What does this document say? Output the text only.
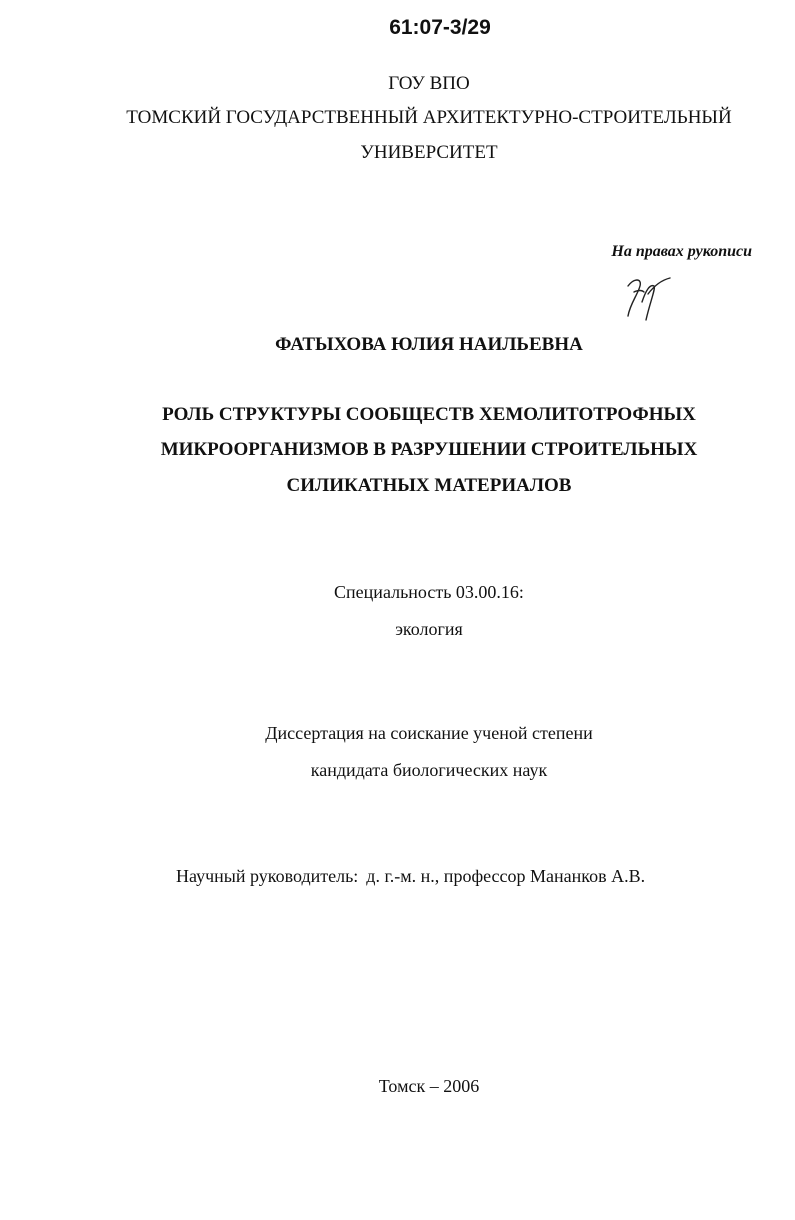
61:07-3/29
ГОУ ВПО
ТОМСКИЙ ГОСУДАРСТВЕННЫЙ АРХИТЕКТУРНО-СТРОИТЕЛЬНЫЙ
УНИВЕРСИТЕТ
На правах рукописи
ФАТЫХОВА ЮЛИЯ НАИЛЬЕВНА
РОЛЬ СТРУКТУРЫ СООБЩЕСТВ ХЕМОЛИТОТРОФНЫХ
МИКРООРГАНИЗМОВ В РАЗРУШЕНИИ СТРОИТЕЛЬНЫХ
СИЛИКАТНЫХ МАТЕРИАЛОВ
Специальность 03.00.16:
экология
Диссертация на соискание ученой степени
кандидата биологических наук
Научный руководитель: д. г.-м. н., профессор Мананков А.В.
Томск – 2006
